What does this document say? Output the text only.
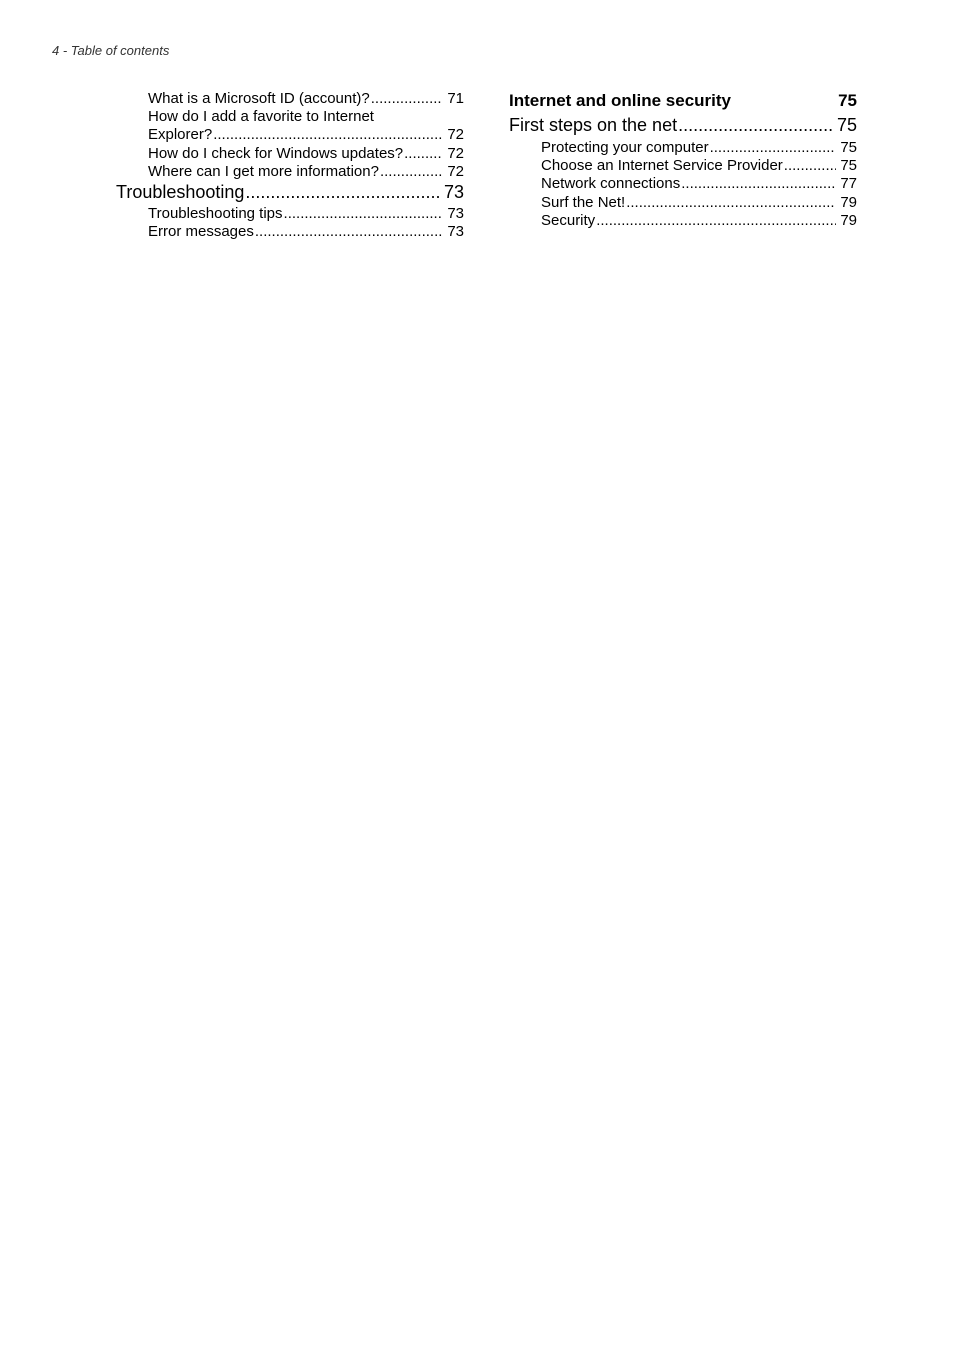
4 - Table of contents
What is a Microsoft ID (account)? .....	71
How do I add a favorite to Internet
Explorer? .....	72
How do I check for Windows updates? .....	72
Where can I get more information? .....	72
Troubleshooting .....	73
Troubleshooting tips .....	73
Error messages .....	73
Internet and online security	75
First steps on the net .....	75
Protecting your computer .....	75
Choose an Internet Service Provider .....	75
Network connections .....	77
Surf the Net! .....	79
Security .....	79
